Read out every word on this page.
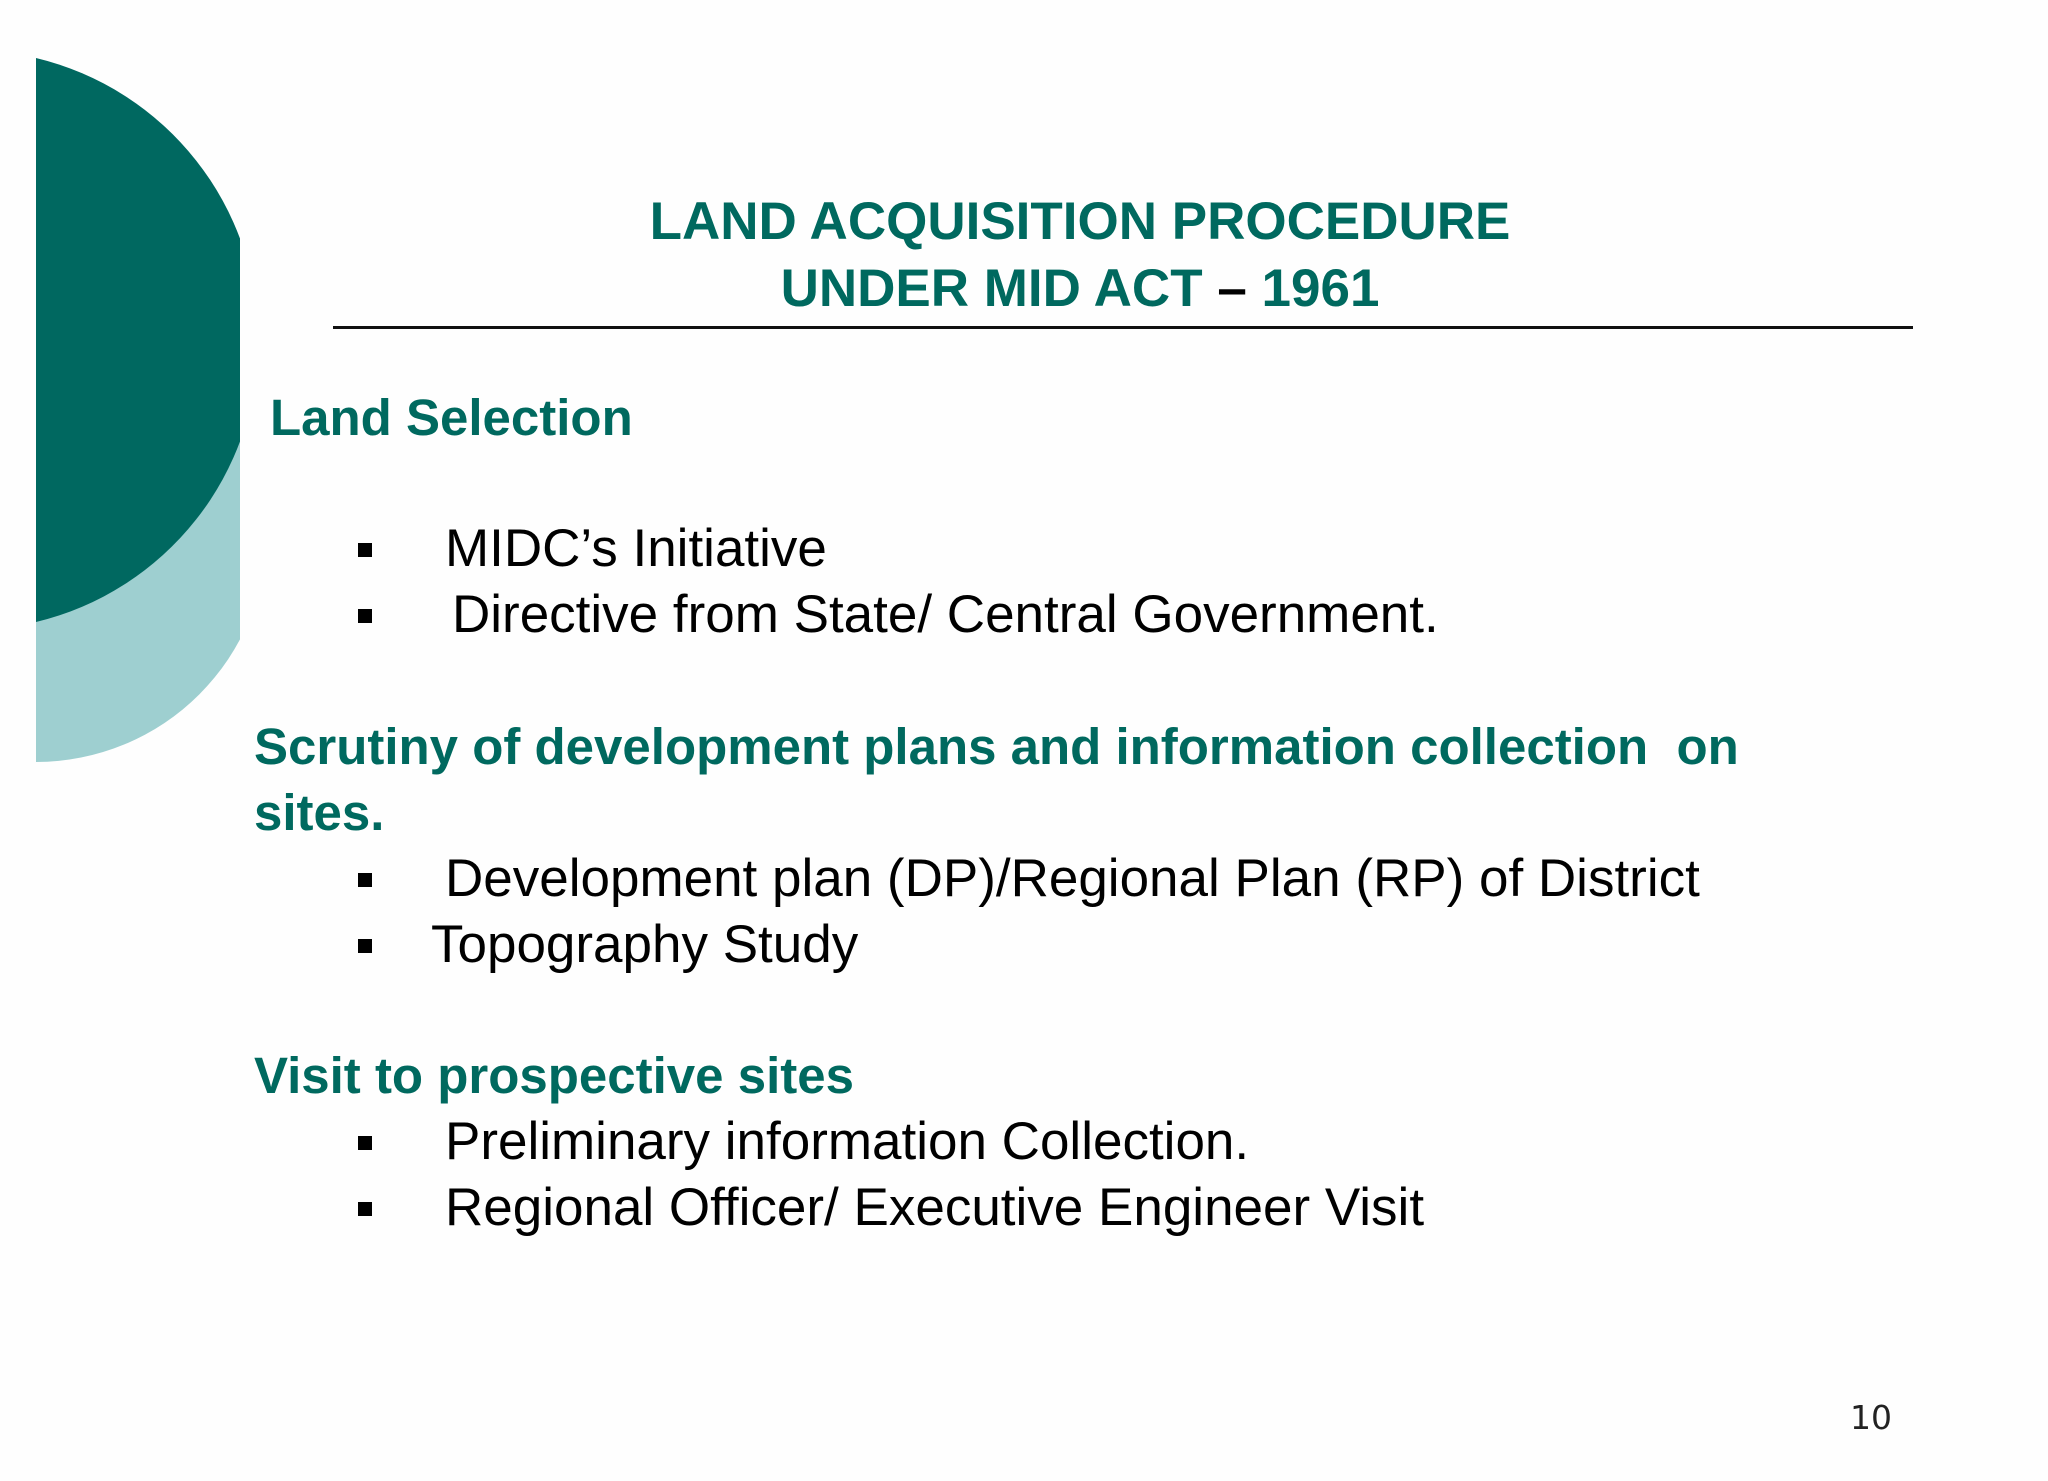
LAND ACQUISITION PROCEDURE
UNDER MID ACT – 1961
Land Selection
MIDC’s Initiative
Directive from State/ Central Government.
Scrutiny of development plans and information collection  on
sites.
Development plan (DP)/Regional Plan (RP) of District
Topography Study
Visit to prospective sites
Preliminary information Collection.
Regional Officer/ Executive Engineer Visit
10
